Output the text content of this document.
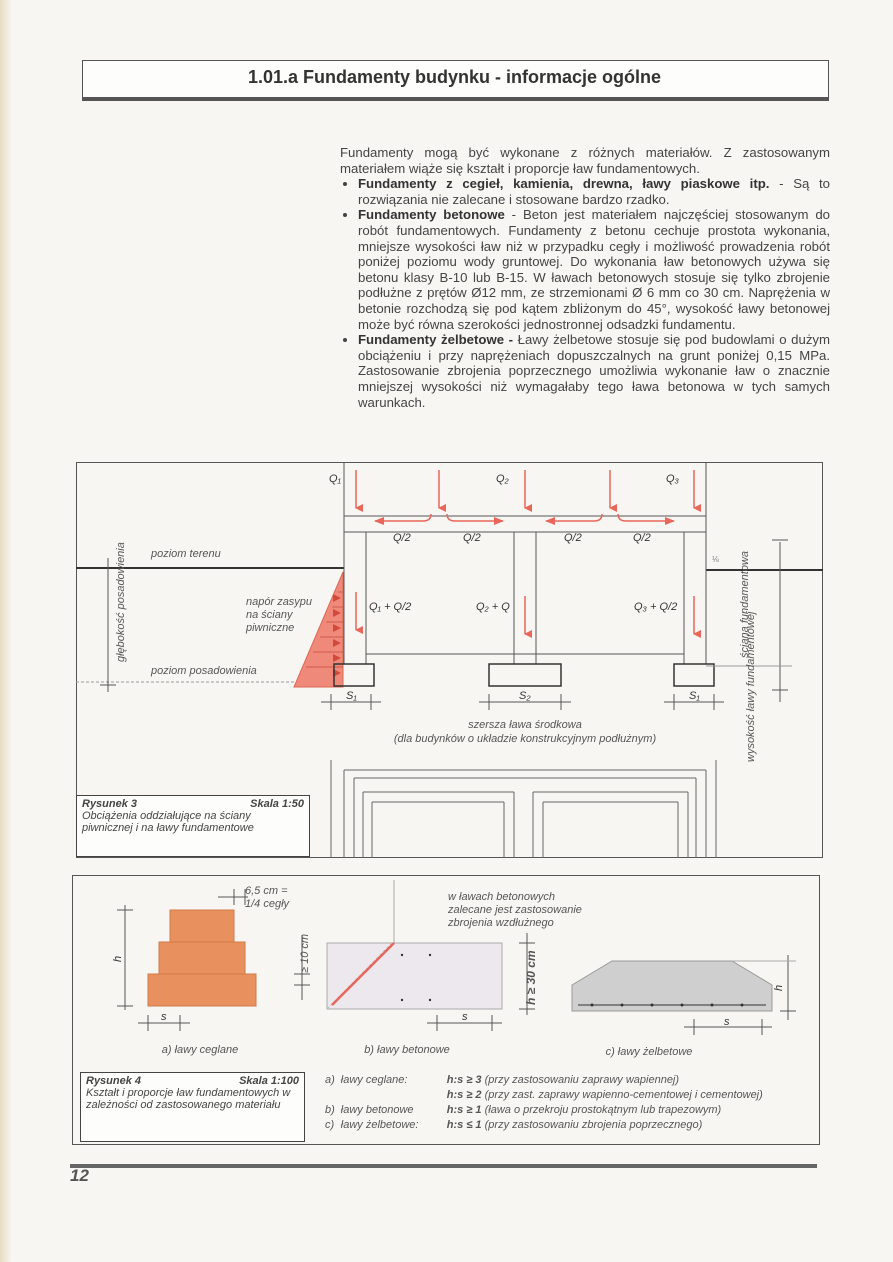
1.01.a Fundamenty budynku - informacje ogólne

Fundamenty mogą być wykonane z różnych materiałów. Z zastosowanym materiałem wiąże się kształt i proporcje ław fundamentowych.

• Fundamenty z cegieł, kamienia, drewna, ławy piaskowe itp. - Są to rozwiązania nie zalecane i stosowane bardzo rzadko.
• Fundamenty betonowe - Beton jest materiałem najczęściej stosowanym do robót fundamentowych. Fundamenty z betonu cechuje prostota wykonania, mniejsze wysokości ław niż w przypadku cegły i możliwość prowadzenia robót poniżej poziomu wody gruntowej. Do wykonania ław betonowych używa się betonu klasy B-10 lub B-15. W ławach betonowych stosuje się tylko zbrojenie podłużne z prętów Ø12 mm, ze strzemionami Ø 6 mm co 30 cm. Naprężenia w betonie rozchodzą się pod kątem zbliżonym do 45°, wysokość ławy betonowej może być równa szerokości jednostronnej odsadzki fundamentu.
• Fundamenty żelbetowe - Ławy żelbetowe stosuje się pod budowlami o dużym obciążeniu i przy naprężeniach dopuszczalnych na grunt poniżej 0,15 MPa. Zastosowanie zbrojenia poprzecznego umożliwia wykonanie ław o znacznie mniejszej wysokości niż wymagałaby tego ława betonowa w tych samych warunkach.
poziom terenu
poziom posadowienia
głębokość posadowienia	napór zasypu na ściany piwniczne
Q₁	Q₂	Q₃
Q/2	Q/2	Q/2	Q/2
Q₁ + Q/2	Q₂ + Q	Q₃ + Q/2
S₁	S₂	S₁
szersza ława środkowa
(dla budynków o układzie konstrukcyjnym podłużnym)
⅛ ściana fundamentowa
wysokość ławy fundamentowej
Rysunek 3	Skala 1:50
Obciążenia oddziałujące na ściany piwnicznej i na ławy fundamentowe
h
6,5 cm =
1/4 cegły
≥ 10 cm
s
a) ławy ceglane
w ławach betonowych zalecane jest zastosowanie zbrojenia wzdłużnego
h ≥ 30 cm
s
b) ławy betonowe
h
s
c) ławy żelbetowe
Rysunek 4	Skala 1:100
Kształt i proporcje ław fundamentowych w zależności od zastosowanego materiału
a)	ławy ceglane:	h:s ≥ 3 (przy zastosowaniu zaprawy wapiennej)
		h:s ≥ 2 (przy zast. zaprawy wapienno-cementowej i cementowej)
b)	ławy betonowe	h:s ≥ 1 (ława o przekroju prostokątnym lub trapezowym)
c)	ławy żelbetowe:	h:s ≤ 1 (przy zastosowaniu zbrojenia poprzecznego)
12
